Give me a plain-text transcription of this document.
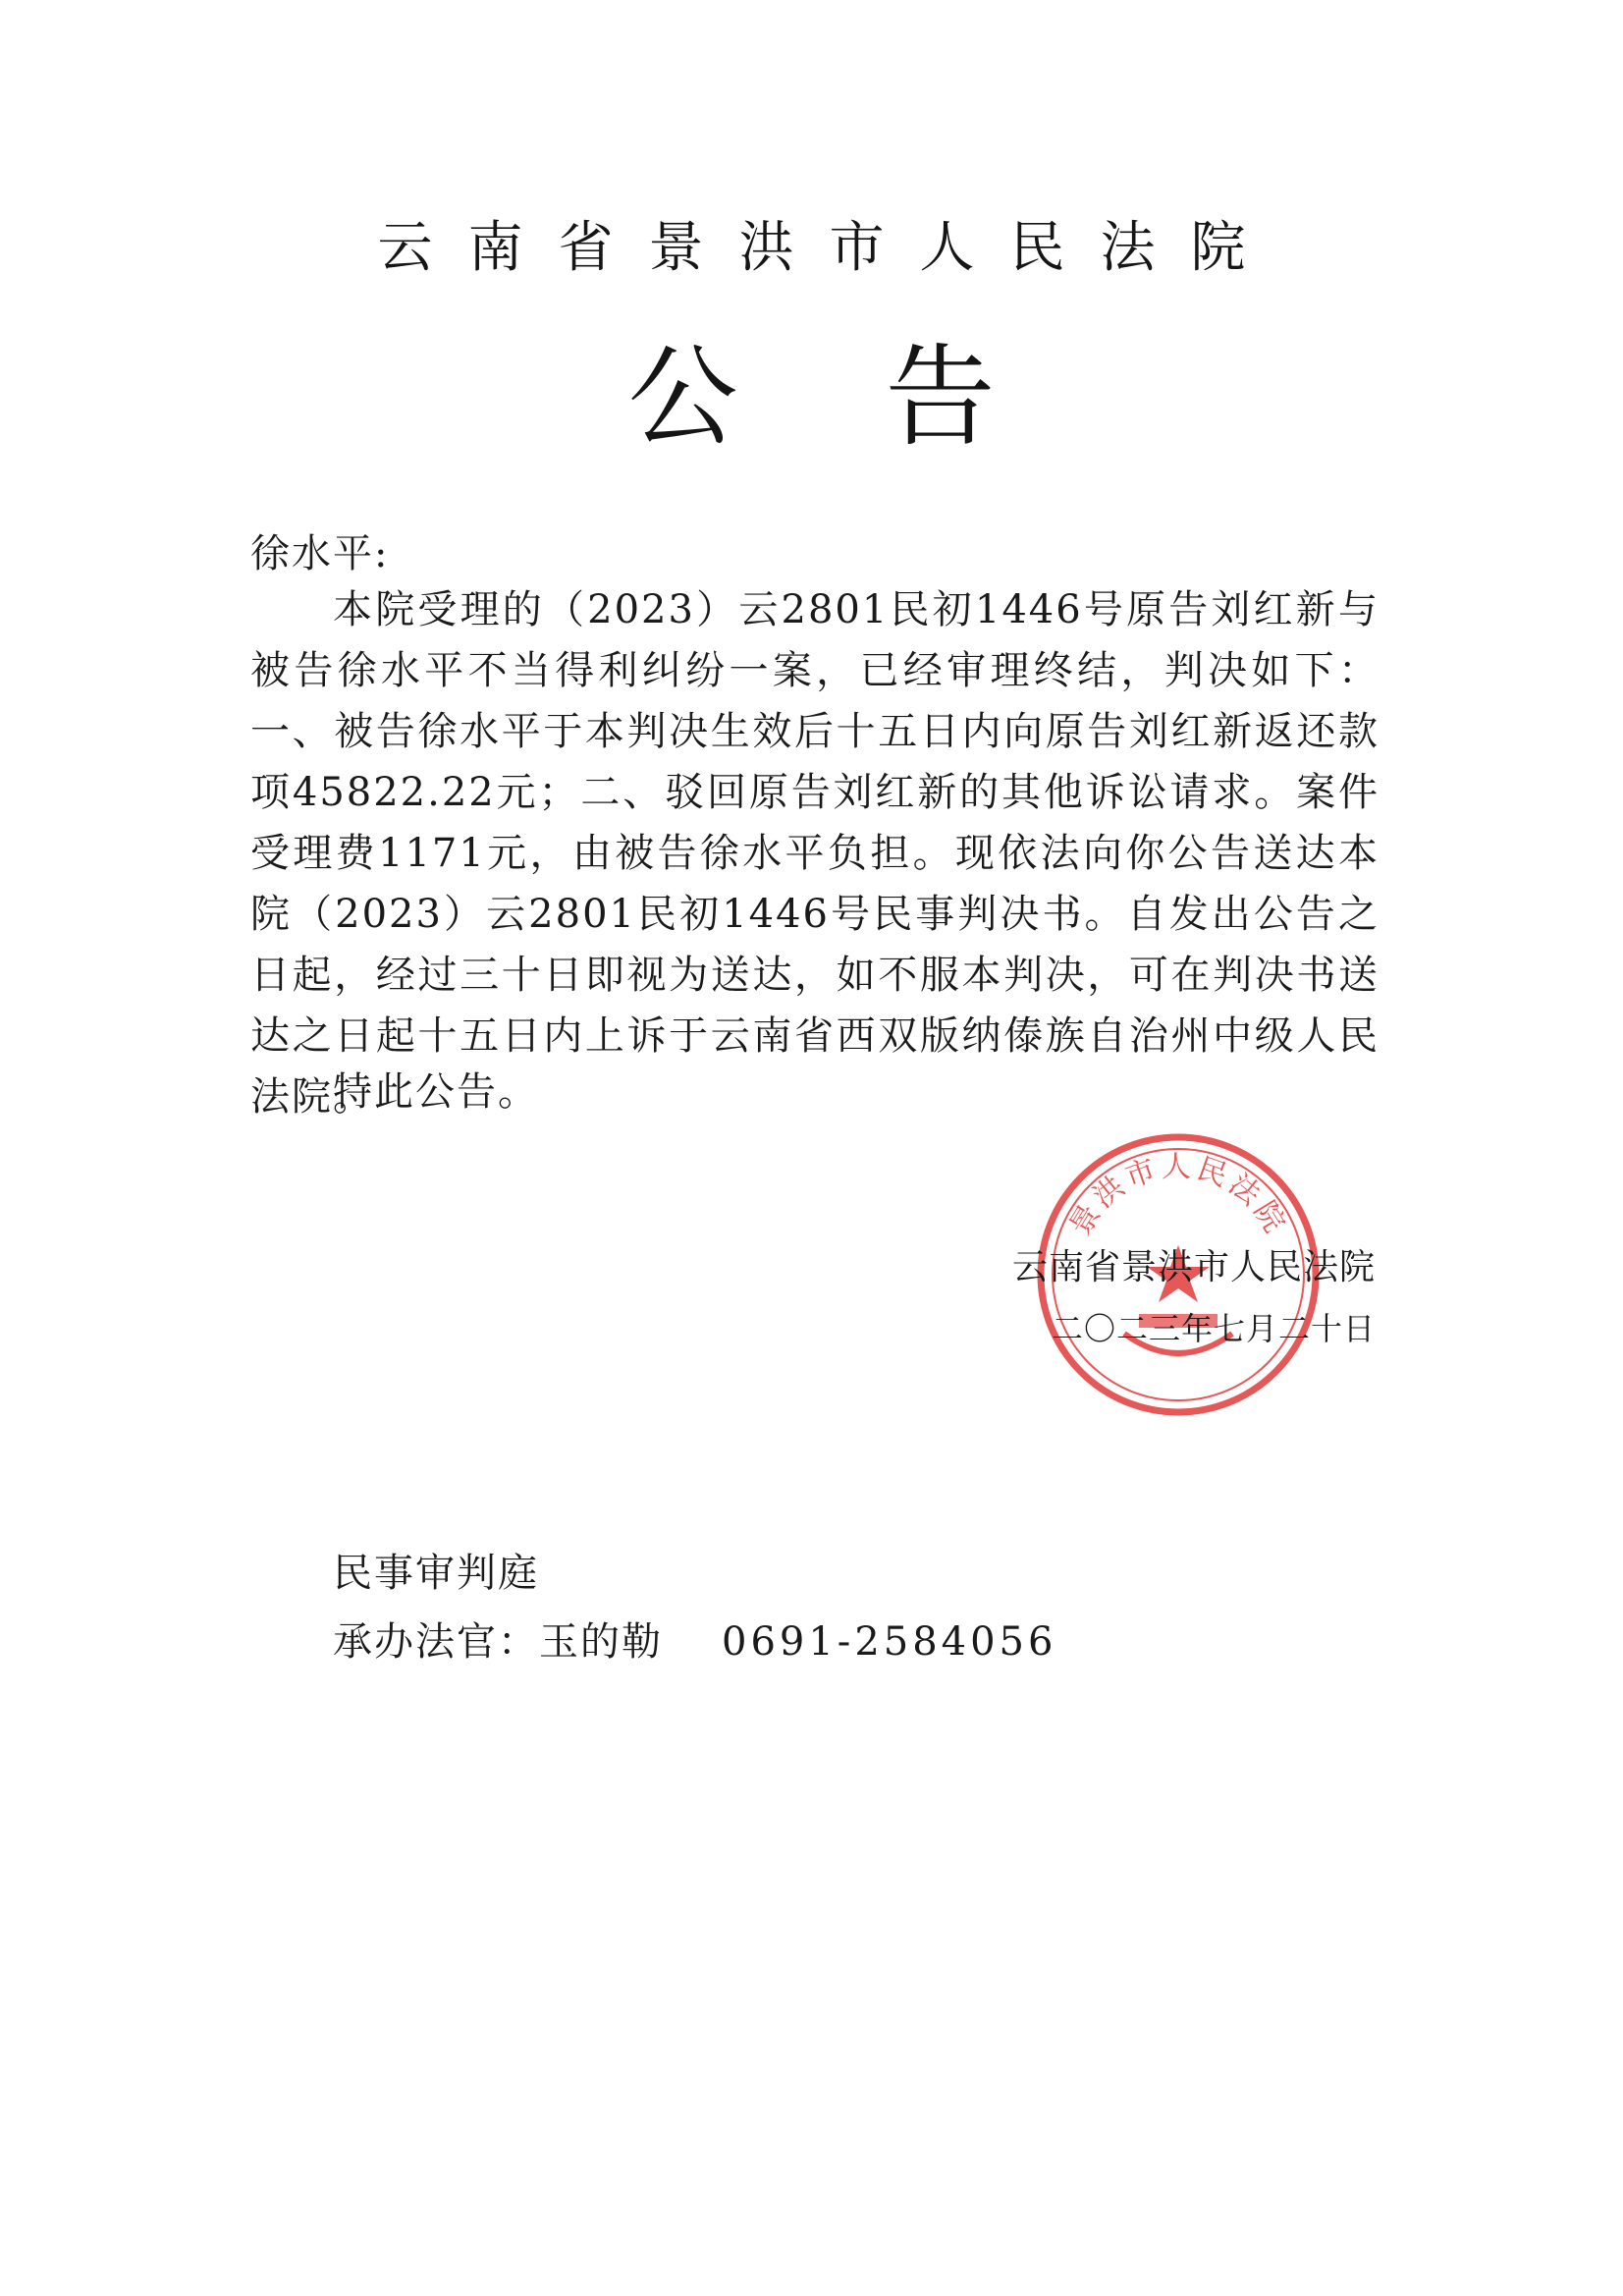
云南省景洪市人民法院
公告
徐水平:
本院受理的（2023）云2801民初1446号原告刘红新与被告徐水平不当得利纠纷一案，已经审理终结，判决如下：一、被告徐水平于本判决生效后十五日内向原告刘红新返还款项45822.22元；二、驳回原告刘红新的其他诉讼请求。案件受理费1171元，由被告徐水平负担。现依法向你公告送达本院（2023）云2801民初1446号民事判决书。自发出公告之日起，经过三十日即视为送达，如不服本判决，可在判决书送达之日起十五日内上诉于云南省西双版纳傣族自治州中级人民法院。
特此公告。
景洪市人民法院
云南省景洪市人民法院
二〇二三年七月二十日
民事审判庭
承办法官：玉的勒 0691-2584056
